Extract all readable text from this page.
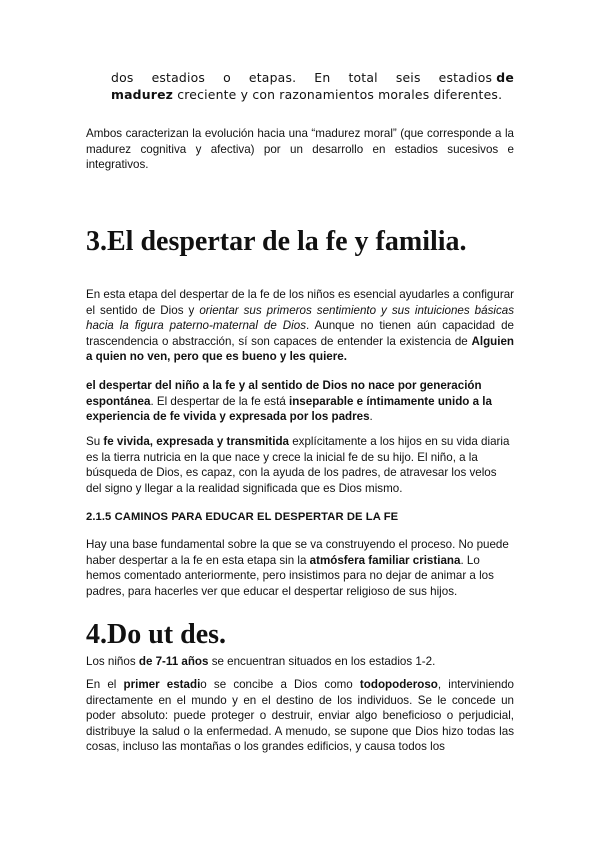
dos estadios o etapas. En total seis estadios de
madurez creciente y con razonamientos morales diferentes.
Ambos caracterizan la evolución hacia una “madurez moral” (que corresponde a la madurez cognitiva y afectiva) por un desarrollo en estadios sucesivos e integrativos.
3.El despertar de la fe y familia.
En esta etapa del despertar de la fe de los niños es esencial ayudarles a configurar el sentido de Dios y orientar sus primeros sentimiento y sus intuiciones básicas hacia la figura paterno-maternal de Dios. Aunque no tienen aún capacidad de trascendencia o abstracción, sí son capaces de entender la existencia de Alguien a quien no ven, pero que es bueno y les quiere.
el despertar del niño a la fe y al sentido de Dios no nace por generación espontánea. El despertar de la fe está inseparable e íntimamente unido a la experiencia de fe vivida y expresada por los padres.
Su fe vivida, expresada y transmitida explícitamente a los hijos en su vida diaria es la tierra nutricia en la que nace y crece la inicial fe de su hijo. El niño, a la búsqueda de Dios, es capaz, con la ayuda de los padres, de atravesar los velos del signo y llegar a la realidad significada que es Dios mismo.
2.1.5 CAMINOS PARA EDUCAR EL DESPERTAR DE LA FE
Hay una base fundamental sobre la que se va construyendo el proceso. No puede haber despertar a la fe en esta etapa sin la atmósfera familiar cristiana. Lo hemos comentado anteriormente, pero insistimos para no dejar de animar a los padres, para hacerles ver que educar el despertar religioso de sus hijos.
4.Do ut des.
Los niños de 7-11 años se encuentran situados en los estadios 1-2.
En el primer estadio se concibe a Dios como todopoderoso, interviniendo directamente en el mundo y en el destino de los individuos. Se le concede un poder absoluto: puede proteger o destruir, enviar algo beneficioso o perjudicial, distribuye la salud o la enfermedad. A menudo, se supone que Dios hizo todas las cosas, incluso las montañas o los grandes edificios, y causa todos los
